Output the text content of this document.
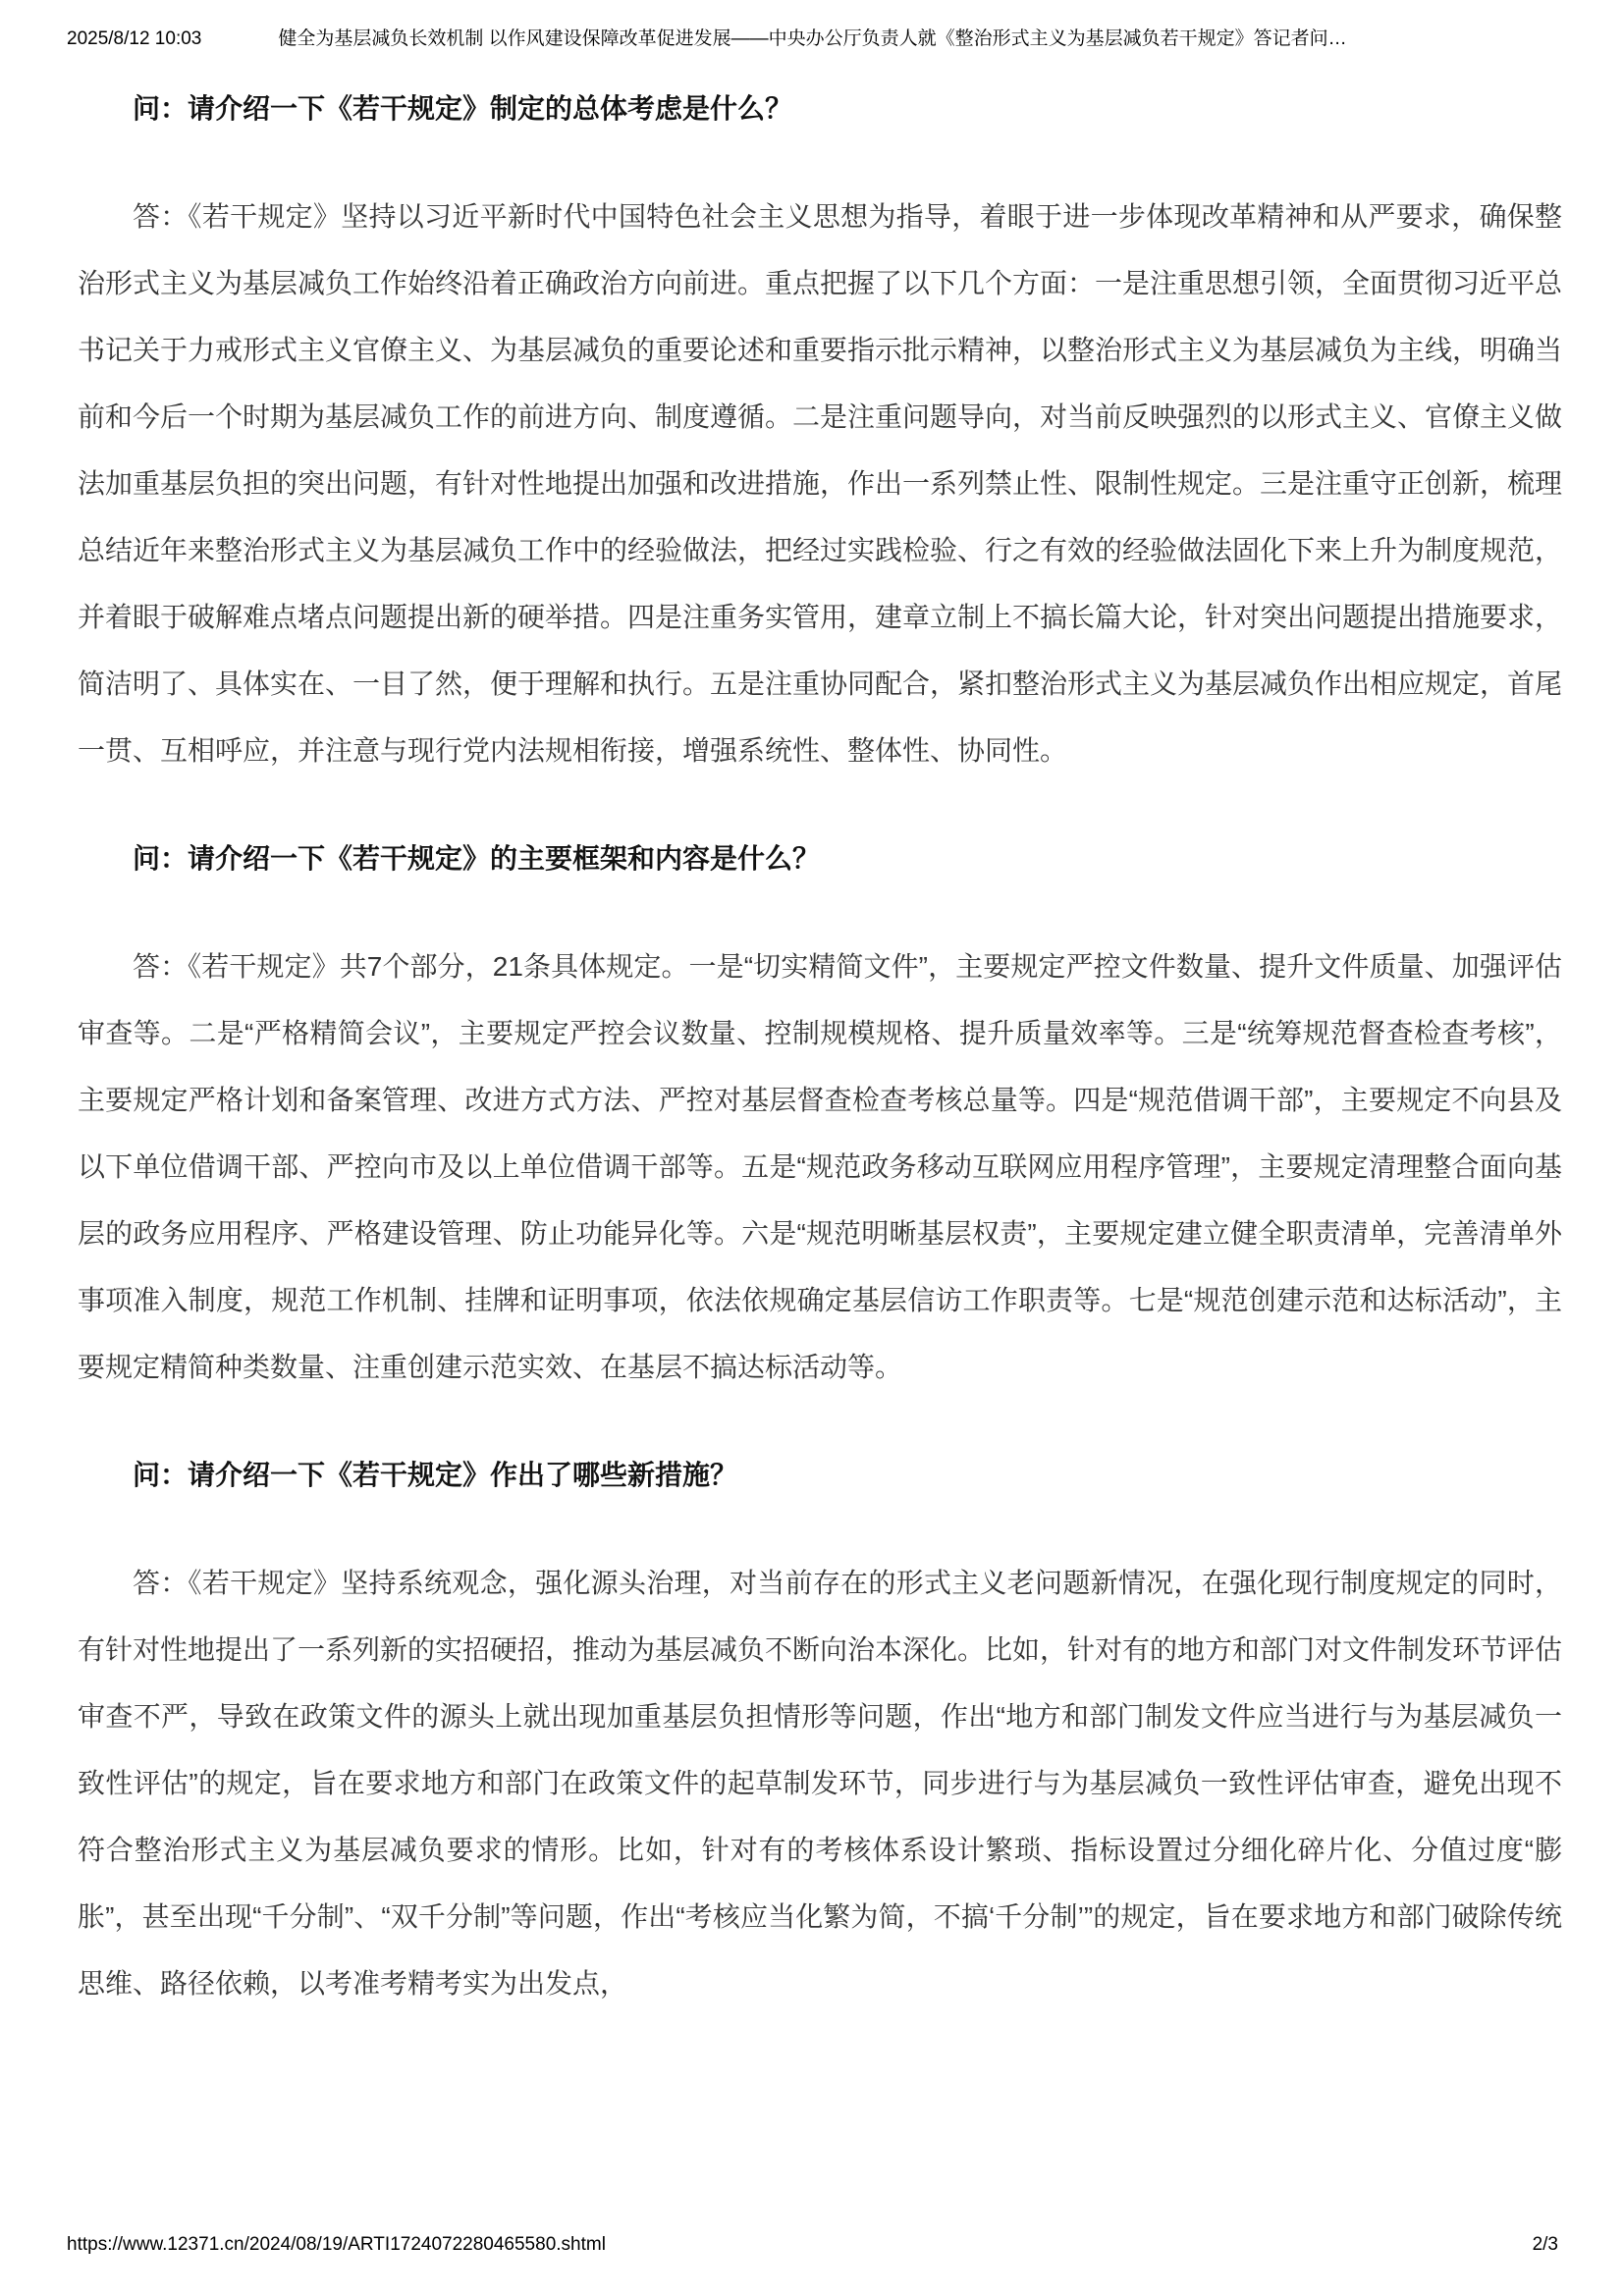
2025/8/12 10:03	健全为基层减负长效机制 以作风建设保障改革促进发展——中央办公厅负责人就《整治形式主义为基层减负若干规定》答记者问…
问：请介绍一下《若干规定》制定的总体考虑是什么？

答：《若干规定》坚持以习近平新时代中国特色社会主义思想为指导，着眼于进一步体现改革精神和从严要求，确保整治形式主义为基层减负工作始终沿着正确政治方向前进。重点把握了以下几个方面：一是注重思想引领，全面贯彻习近平总书记关于力戒形式主义官僚主义、为基层减负的重要论述和重要指示批示精神，以整治形式主义为基层减负为主线，明确当前和今后一个时期为基层减负工作的前进方向、制度遵循。二是注重问题导向，对当前反映强烈的以形式主义、官僚主义做法加重基层负担的突出问题，有针对性地提出加强和改进措施，作出一系列禁止性、限制性规定。三是注重守正创新，梳理总结近年来整治形式主义为基层减负工作中的经验做法，把经过实践检验、行之有效的经验做法固化下来上升为制度规范，并着眼于破解难点堵点问题提出新的硬举措。四是注重务实管用，建章立制上不搞长篇大论，针对突出问题提出措施要求，简洁明了、具体实在、一目了然，便于理解和执行。五是注重协同配合，紧扣整治形式主义为基层减负作出相应规定，首尾一贯、互相呼应，并注意与现行党内法规相衔接，增强系统性、整体性、协同性。

问：请介绍一下《若干规定》的主要框架和内容是什么？

答：《若干规定》共7个部分，21条具体规定。一是“切实精简文件”，主要规定严控文件数量、提升文件质量、加强评估审查等。二是“严格精简会议”，主要规定严控会议数量、控制规模规格、提升质量效率等。三是“统筹规范督查检查考核”，主要规定严格计划和备案管理、改进方式方法、严控对基层督查检查考核总量等。四是“规范借调干部”，主要规定不向县及以下单位借调干部、严控向市及以上单位借调干部等。五是“规范政务移动互联网应用程序管理”，主要规定清理整合面向基层的政务应用程序、严格建设管理、防止功能异化等。六是“规范明晰基层权责”，主要规定建立健全职责清单，完善清单外事项准入制度，规范工作机制、挂牌和证明事项，依法依规确定基层信访工作职责等。七是“规范创建示范和达标活动”，主要规定精简种类数量、注重创建示范实效、在基层不搞达标活动等。

问：请介绍一下《若干规定》作出了哪些新措施？

答：《若干规定》坚持系统观念，强化源头治理，对当前存在的形式主义老问题新情况，在强化现行制度规定的同时，有针对性地提出了一系列新的实招硬招，推动为基层减负不断向治本深化。比如，针对有的地方和部门对文件制发环节评估审查不严，导致在政策文件的源头上就出现加重基层负担情形等问题，作出“地方和部门制发文件应当进行与为基层减负一致性评估”的规定，旨在要求地方和部门在政策文件的起草制发环节，同步进行与为基层减负一致性评估审查，避免出现不符合整治形式主义为基层减负要求的情形。比如，针对有的考核体系设计繁琐、指标设置过分细化碎片化、分值过度“膨胀”，甚至出现“千分制”、“双千分制”等问题，作出“考核应当化繁为简，不搞‘千分制’”的规定，旨在要求地方和部门破除传统思维、路径依赖，以考准考精考实为出发点，

https://www.12371.cn/2024/08/19/ARTI1724072280465580.shtml	2/3
